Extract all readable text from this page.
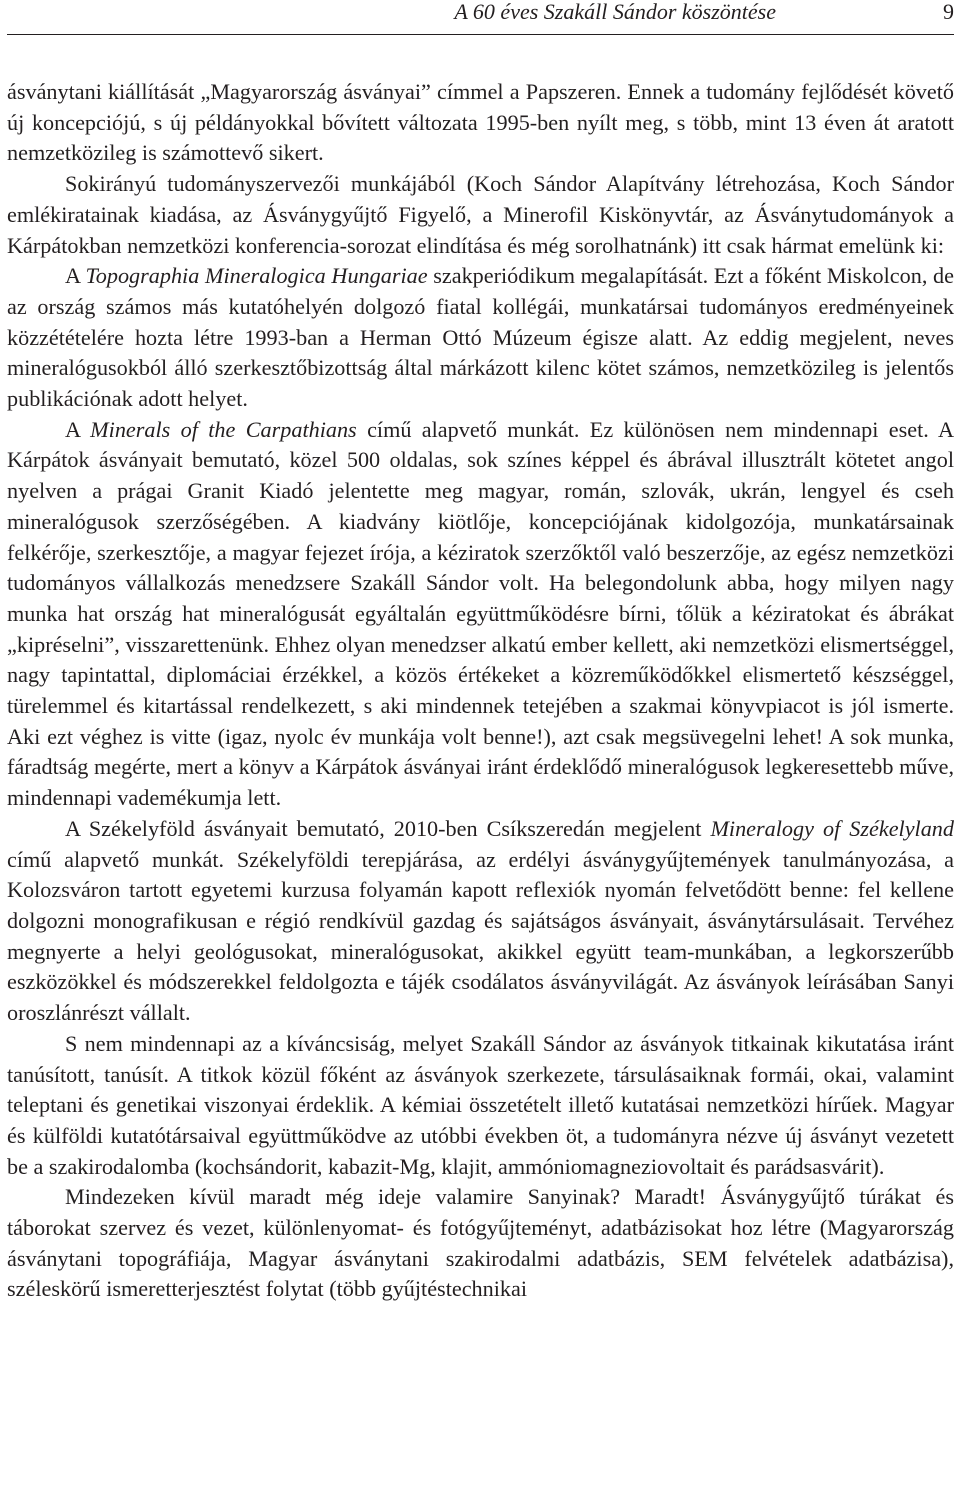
A 60 éves Szakáll Sándor köszöntése	9

ásványtani kiállítását „Magyarország ásványai” címmel a Papszeren. Ennek a tudomány fejlődését követő új koncepciójú, s új példányokkal bővített változata 1995-ben nyílt meg, s több, mint 13 éven át aratott nemzetközileg is számottevő sikert.

Sokirányú tudományszervezői munkájából (Koch Sándor Alapítvány létrehozása, Koch Sándor emlékiratainak kiadása, az Ásványgyűjtő Figyelő, a Minerofil Kiskönyvtár, az Ásványtudományok a Kárpátokban nemzetközi konferencia-sorozat elindítása és még sorolhatnánk) itt csak hármat emelünk ki:

A Topographia Mineralogica Hungariae szakperiódikum megalapítását. Ezt a főként Miskolcon, de az ország számos más kutatóhelyén dolgozó fiatal kollégái, munkatársai tudományos eredményeinek közzétételére hozta létre 1993-ban a Herman Ottó Múzeum égisze alatt. Az eddig megjelent, neves mineralógusokból álló szerkesztőbizottság által márkázott kilenc kötet számos, nemzetközileg is jelentős publikációnak adott helyet.

A Minerals of the Carpathians című alapvető munkát. Ez különösen nem mindennapi eset. A Kárpátok ásványait bemutató, közel 500 oldalas, sok színes képpel és ábrával illusztrált kötetet angol nyelven a prágai Granit Kiadó jelentette meg magyar, román, szlovák, ukrán, lengyel és cseh mineralógusok szerzőségében. A kiadvány kiötlője, koncepciójának kidolgozója, munkatársainak felkérője, szerkesztője, a magyar fejezet írója, a kéziratok szerzőktől való beszerzője, az egész nemzetközi tudományos vállalkozás menedzsere Szakáll Sándor volt. Ha belegondolunk abba, hogy milyen nagy munka hat ország hat mineralógusát egyáltalán együttműködésre bírni, tőlük a kéziratokat és ábrákat „kipréselni”, visszarettenünk. Ehhez olyan menedzser alkatú ember kellett, aki nemzetközi elismertséggel, nagy tapintattal, diplomáciai érzékkel, a közös értékeket a közreműködőkkel elismertető készséggel, türelemmel és kitartással rendelkezett, s aki mindennek tetejében a szakmai könyvpiacot is jól ismerte. Aki ezt véghez is vitte (igaz, nyolc év munkája volt benne!), azt csak megsüvegelni lehet! A sok munka, fáradtság megérte, mert a könyv a Kárpátok ásványai iránt érdeklődő mineralógusok legkeresettebb műve, mindennapi vademékumja lett.

A Székelyföld ásványait bemutató, 2010-ben Csíkszeredán megjelent Mineralogy of Székelyland című alapvető munkát. Székelyföldi terepjárása, az erdélyi ásványgyűjtemények tanulmányozása, a Kolozsváron tartott egyetemi kurzusa folyamán kapott reflexiók nyomán felvetődött benne: fel kellene dolgozni monografikusan e régió rendkívül gazdag és sajátságos ásványait, ásványtársulásait. Tervéhez megnyerte a helyi geológusokat, mineralógusokat, akikkel együtt team-munkában, a legkorszerűbb eszközökkel és módszerekkel feldolgozta e tájék csodálatos ásványvilágát. Az ásványok leírásában Sanyi oroszlánrészt vállalt.

S nem mindennapi az a kíváncsiság, melyet Szakáll Sándor az ásványok titkainak kikutatása iránt tanúsított, tanúsít. A titkok közül főként az ásványok szerkezete, társulásaiknak formái, okai, valamint teleptani és genetikai viszonyai érdeklik. A kémiai összetételt illető kutatásai nemzetközi hírűek. Magyar és külföldi kutatótársaival együttműködve az utóbbi években öt, a tudományra nézve új ásványt vezetett be a szakirodalomba (kochsándorit, kabazit-Mg, klajit, ammóniomagneziovoltait és parádsasvárit).

Mindezeken kívül maradt még ideje valamire Sanyinak? Maradt! Ásványgyűjtő túrákat és táborokat szervez és vezet, különlenyomat- és fotógyűjteményt, adatbázisokat hoz létre (Magyarország ásványtani topográfiája, Magyar ásványtani szakirodalmi adatbázis, SEM felvételek adatbázisa), széleskörű ismeretterjesztést folytat (több gyűjtéstechnikai
